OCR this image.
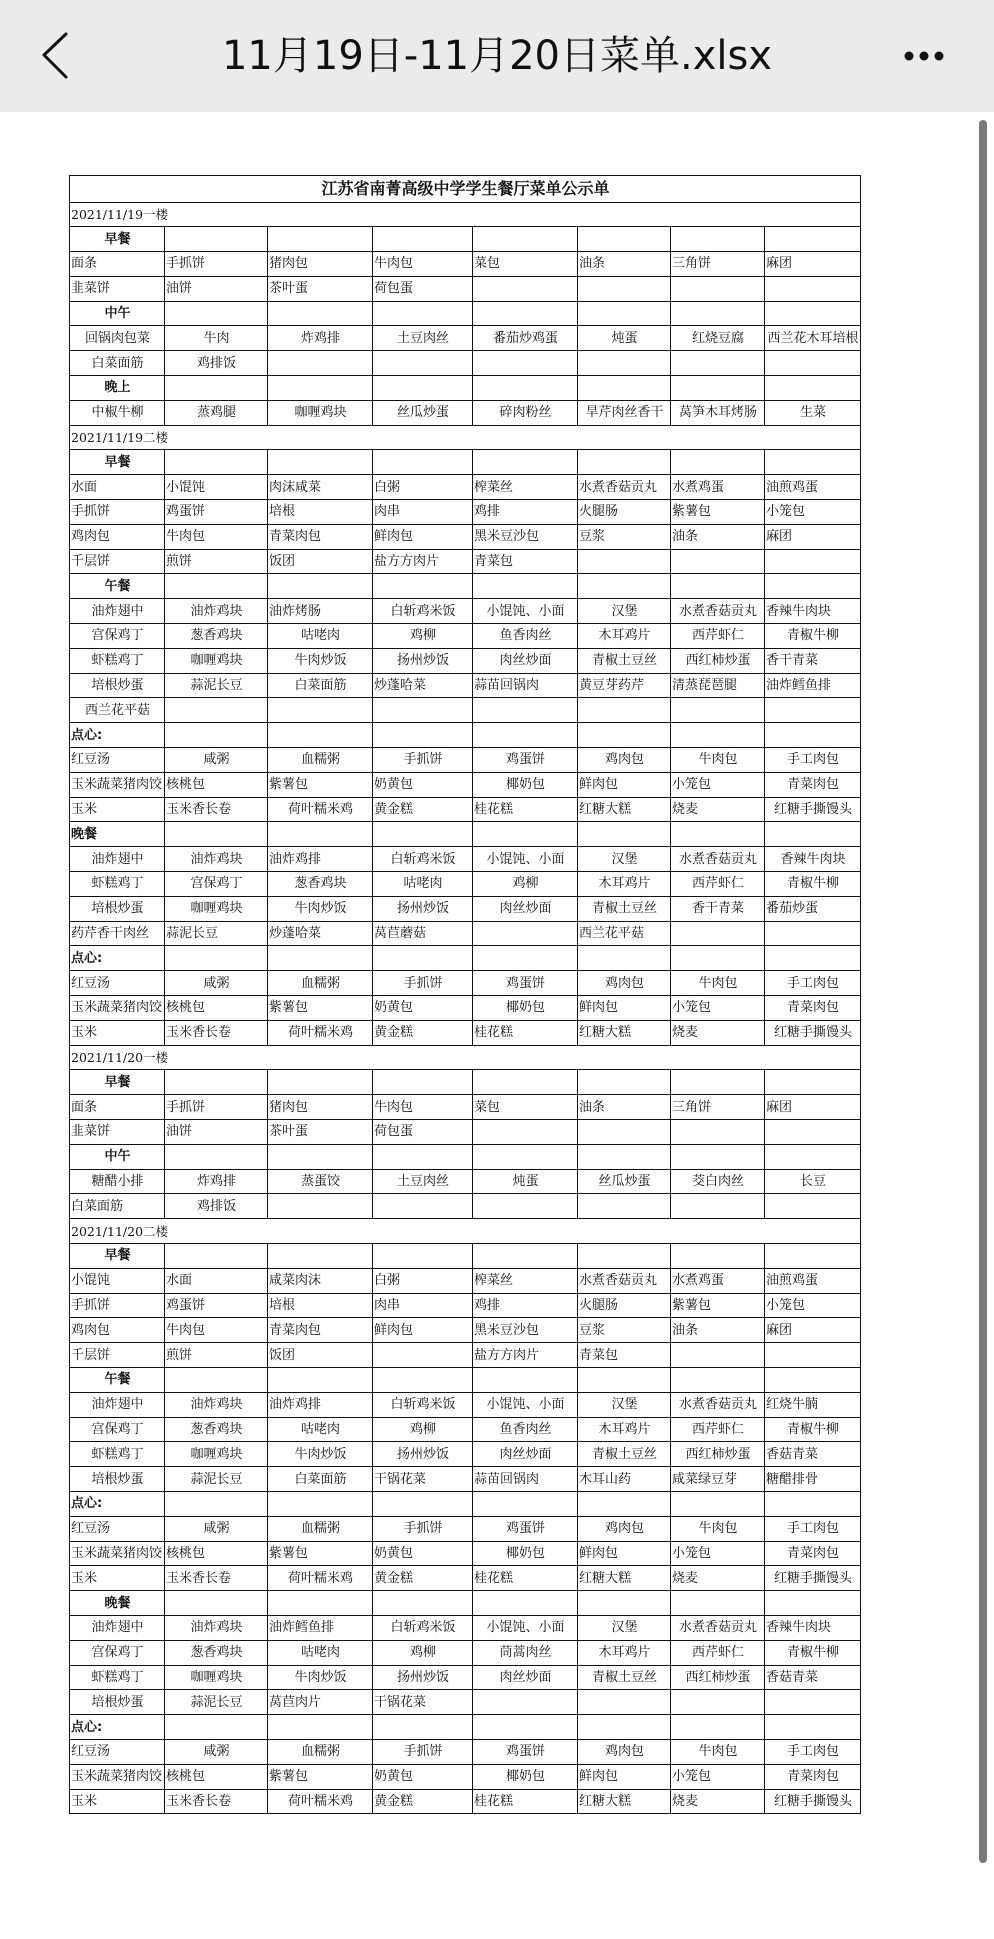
11月19日-11月20日菜单.xlsx
江苏省南菁高级中学学生餐厅菜单公示单							
2021/11/19一楼							
早餐							
面条	手抓饼	猪肉包	牛肉包	菜包	油条	三角饼	麻团
韭菜饼	油饼	茶叶蛋	荷包蛋				
中午							
回锅肉包菜	牛肉	炸鸡排	土豆肉丝	番茄炒鸡蛋	炖蛋	红烧豆腐	西兰花木耳培根
白菜面筋	鸡排饭						
晚上							
中椒牛柳	蒸鸡腿	咖喱鸡块	丝瓜炒蛋	碎肉粉丝	旱芹肉丝香干	莴笋木耳烤肠	生菜
2021/11/19二楼							
早餐							
水面	小馄饨	肉沫咸菜	白粥	榨菜丝	水煮香菇贡丸	水煮鸡蛋	油煎鸡蛋
手抓饼	鸡蛋饼	培根	肉串	鸡排	火腿肠	紫薯包	小笼包
鸡肉包	牛肉包	青菜肉包	鲜肉包	黑米豆沙包	豆浆	油条	麻团
千层饼	煎饼	饭团	盐方方肉片	青菜包			
午餐							
油炸翅中	油炸鸡块	油炸烤肠	白斩鸡米饭	小馄饨、小面	汉堡	水煮香菇贡丸	香辣牛肉块
宫保鸡丁	葱香鸡块	咕咾肉	鸡柳	鱼香肉丝	木耳鸡片	西芹虾仁	青椒牛柳
虾糕鸡丁	咖喱鸡块	牛肉炒饭	扬州炒饭	肉丝炒面	青椒土豆丝	西红柿炒蛋	香干青菜
培根炒蛋	蒜泥长豆	白菜面筋	炒蓬哈菜	蒜苗回锅肉	黄豆芽药芹	清蒸琵琶腿	油炸鳕鱼排
西兰花平菇							
点心:							
红豆汤	咸粥	血糯粥	手抓饼	鸡蛋饼	鸡肉包	牛肉包	手工肉包
玉米蔬菜猪肉饺	核桃包	紫薯包	奶黄包	椰奶包	鲜肉包	小笼包	青菜肉包
玉米	玉米香长卷	荷叶糯米鸡	黄金糕	桂花糕	红糖大糕	烧麦	红糖手撕馒头
晚餐							
油炸翅中	油炸鸡块	油炸鸡排	白斩鸡米饭	小馄饨、小面	汉堡	水煮香菇贡丸	香辣牛肉块
虾糕鸡丁	宫保鸡丁	葱香鸡块	咕咾肉	鸡柳	木耳鸡片	西芹虾仁	青椒牛柳
培根炒蛋	咖喱鸡块	牛肉炒饭	扬州炒饭	肉丝炒面	青椒土豆丝	香干青菜	番茄炒蛋
药芹香干肉丝	蒜泥长豆	炒蓬哈菜	莴苣蘑菇		西兰花平菇		
点心:							
红豆汤	咸粥	血糯粥	手抓饼	鸡蛋饼	鸡肉包	牛肉包	手工肉包
玉米蔬菜猪肉饺	核桃包	紫薯包	奶黄包	椰奶包	鲜肉包	小笼包	青菜肉包
玉米	玉米香长卷	荷叶糯米鸡	黄金糕	桂花糕	红糖大糕	烧麦	红糖手撕馒头
2021/11/20一楼							
早餐							
面条	手抓饼	猪肉包	牛肉包	菜包	油条	三角饼	麻团
韭菜饼	油饼	茶叶蛋	荷包蛋				
中午							
糖醋小排	炸鸡排	蒸蛋饺	土豆肉丝	炖蛋	丝瓜炒蛋	茭白肉丝	长豆
白菜面筋	鸡排饭						
2021/11/20二楼							
早餐							
小馄饨	水面	咸菜肉沫	白粥	榨菜丝	水煮香菇贡丸	水煮鸡蛋	油煎鸡蛋
手抓饼	鸡蛋饼	培根	肉串	鸡排	火腿肠	紫薯包	小笼包
鸡肉包	牛肉包	青菜肉包	鲜肉包	黑米豆沙包	豆浆	油条	麻团
千层饼	煎饼	饭团		盐方方肉片	青菜包		
午餐							
油炸翅中	油炸鸡块	油炸鸡排	白斩鸡米饭	小馄饨、小面	汉堡	水煮香菇贡丸	红烧牛腩
宫保鸡丁	葱香鸡块	咕咾肉	鸡柳	鱼香肉丝	木耳鸡片	西芹虾仁	青椒牛柳
虾糕鸡丁	咖喱鸡块	牛肉炒饭	扬州炒饭	肉丝炒面	青椒土豆丝	西红柿炒蛋	香菇青菜
培根炒蛋	蒜泥长豆	白菜面筋	干锅花菜	蒜苗回锅肉	木耳山药	咸菜绿豆芽	糖醋排骨
点心:							
红豆汤	咸粥	血糯粥	手抓饼	鸡蛋饼	鸡肉包	牛肉包	手工肉包
玉米蔬菜猪肉饺	核桃包	紫薯包	奶黄包	椰奶包	鲜肉包	小笼包	青菜肉包
玉米	玉米香长卷	荷叶糯米鸡	黄金糕	桂花糕	红糖大糕	烧麦	红糖手撕馒头
晚餐							
油炸翅中	油炸鸡块	油炸鳕鱼排	白斩鸡米饭	小馄饨、小面	汉堡	水煮香菇贡丸	香辣牛肉块
宫保鸡丁	葱香鸡块	咕咾肉	鸡柳	茼蒿肉丝	木耳鸡片	西芹虾仁	青椒牛柳
虾糕鸡丁	咖喱鸡块	牛肉炒饭	扬州炒饭	肉丝炒面	青椒土豆丝	西红柿炒蛋	香菇青菜
培根炒蛋	蒜泥长豆	莴苣肉片	干锅花菜				
点心:							
红豆汤	咸粥	血糯粥	手抓饼	鸡蛋饼	鸡肉包	牛肉包	手工肉包
玉米蔬菜猪肉饺	核桃包	紫薯包	奶黄包	椰奶包	鲜肉包	小笼包	青菜肉包
玉米	玉米香长卷	荷叶糯米鸡	黄金糕	桂花糕	红糖大糕	烧麦	红糖手撕馒头
